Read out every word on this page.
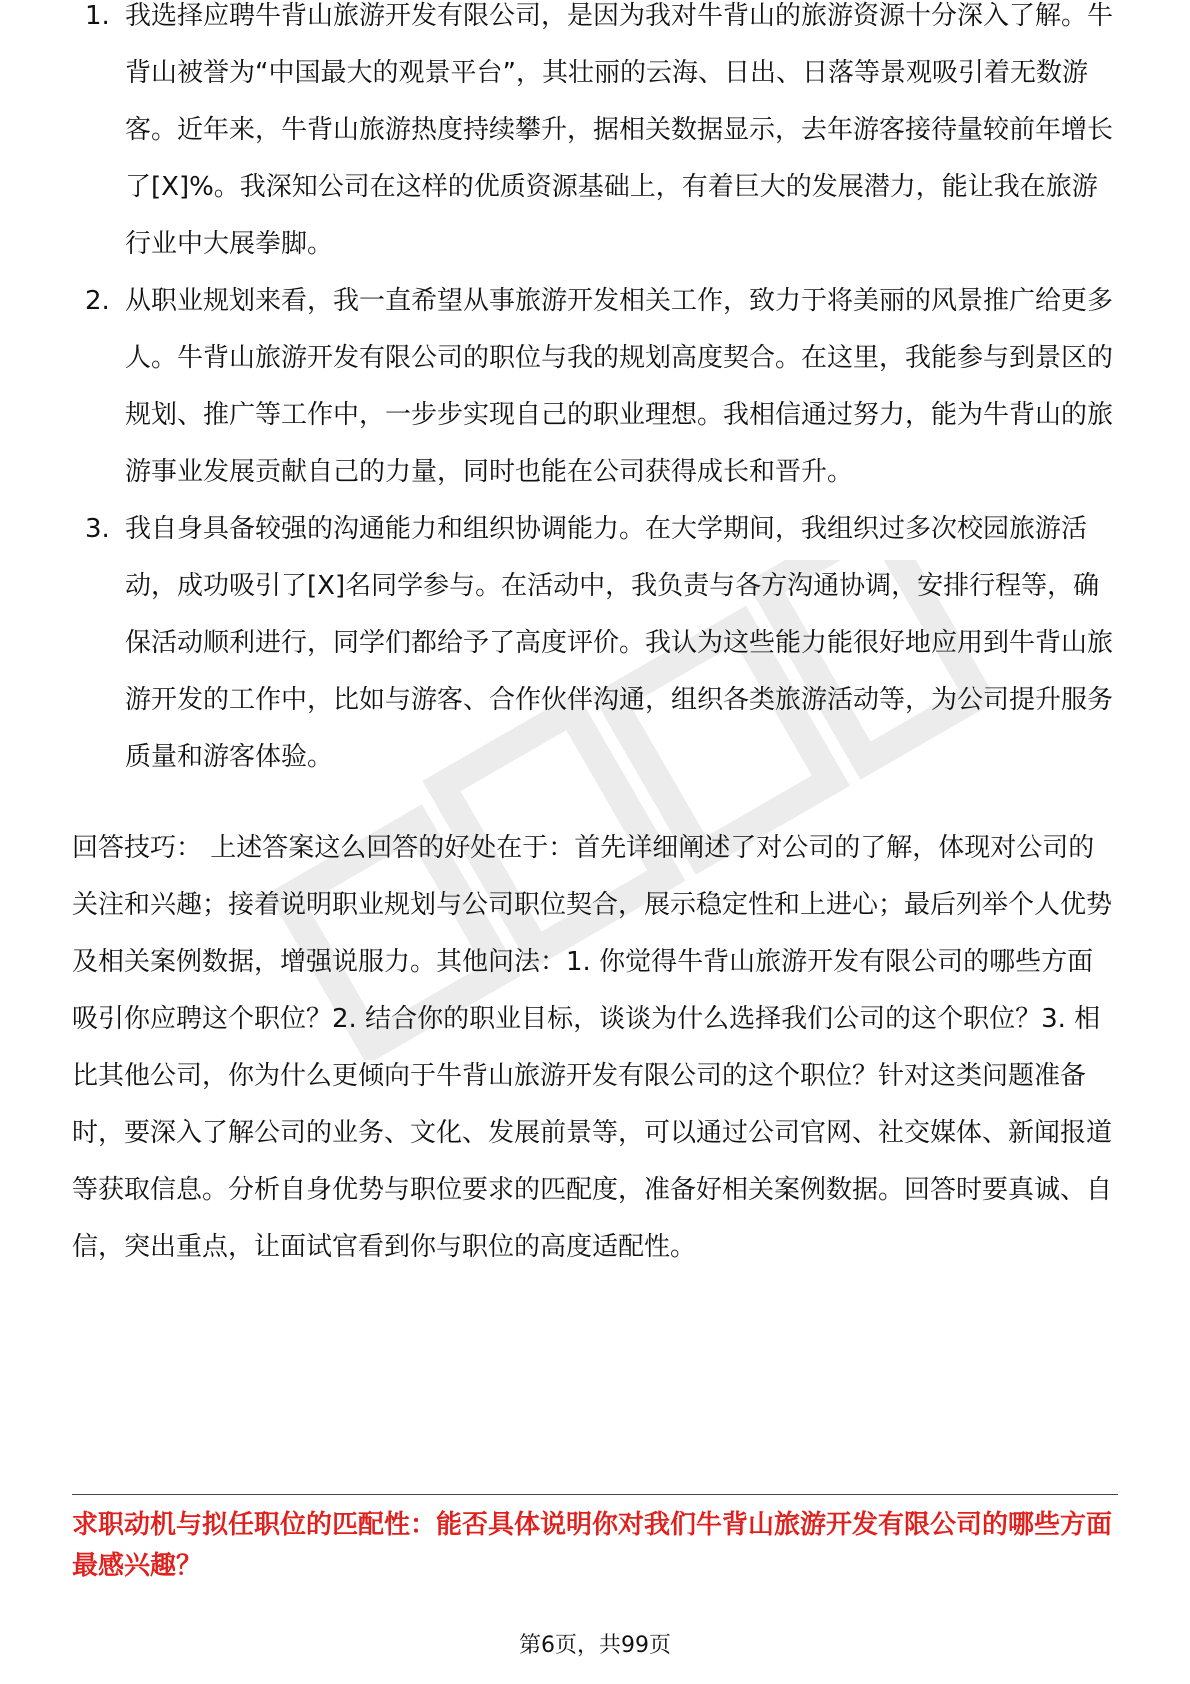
1. 我选择应聘牛背山旅游开发有限公司，是因为我对牛背山的旅游资源十分深入了解。牛背山被誉为“中国最大的观景平台”，其壮丽的云海、日出、日落等景观吸引着无数游客。近年来，牛背山旅游热度持续攀升，据相关数据显示，去年游客接待量较前年增长了[X]%。我深知公司在这样的优质资源基础上，有着巨大的发展潜力，能让我在旅游行业中大展拳脚。
2. 从职业规划来看，我一直希望从事旅游开发相关工作，致力于将美丽的风景推广给更多人。牛背山旅游开发有限公司的职位与我的规划高度契合。在这里，我能参与到景区的规划、推广等工作中，一步步实现自己的职业理想。我相信通过努力，能为牛背山的旅游事业发展贡献自己的力量，同时也能在公司获得成长和晋升。
3. 我自身具备较强的沟通能力和组织协调能力。在大学期间，我组织过多次校园旅游活动，成功吸引了[X]名同学参与。在活动中，我负责与各方沟通协调，安排行程等，确保活动顺利进行，同学们都给予了高度评价。我认为这些能力能很好地应用到牛背山旅游开发的工作中，比如与游客、合作伙伴沟通，组织各类旅游活动等，为公司提升服务质量和游客体验。

回答技巧： 上述答案这么回答的好处在于：首先详细阐述了对公司的了解，体现对公司的关注和兴趣；接着说明职业规划与公司职位契合，展示稳定性和上进心；最后列举个人优势及相关案例数据，增强说服力。其他问法：1. 你觉得牛背山旅游开发有限公司的哪些方面吸引你应聘这个职位？2. 结合你的职业目标，谈谈为什么选择我们公司的这个职位？3. 相比其他公司，你为什么更倾向于牛背山旅游开发有限公司的这个职位？针对这类问题准备时，要深入了解公司的业务、文化、发展前景等，可以通过公司官网、社交媒体、新闻报道等获取信息。分析自身优势与职位要求的匹配度，准备好相关案例数据。回答时要真诚、自信，突出重点，让面试官看到你与职位的高度适配性。

求职动机与拟任职位的匹配性：能否具体说明你对我们牛背山旅游开发有限公司的哪些方面最感兴趣？
第6页，共99页
